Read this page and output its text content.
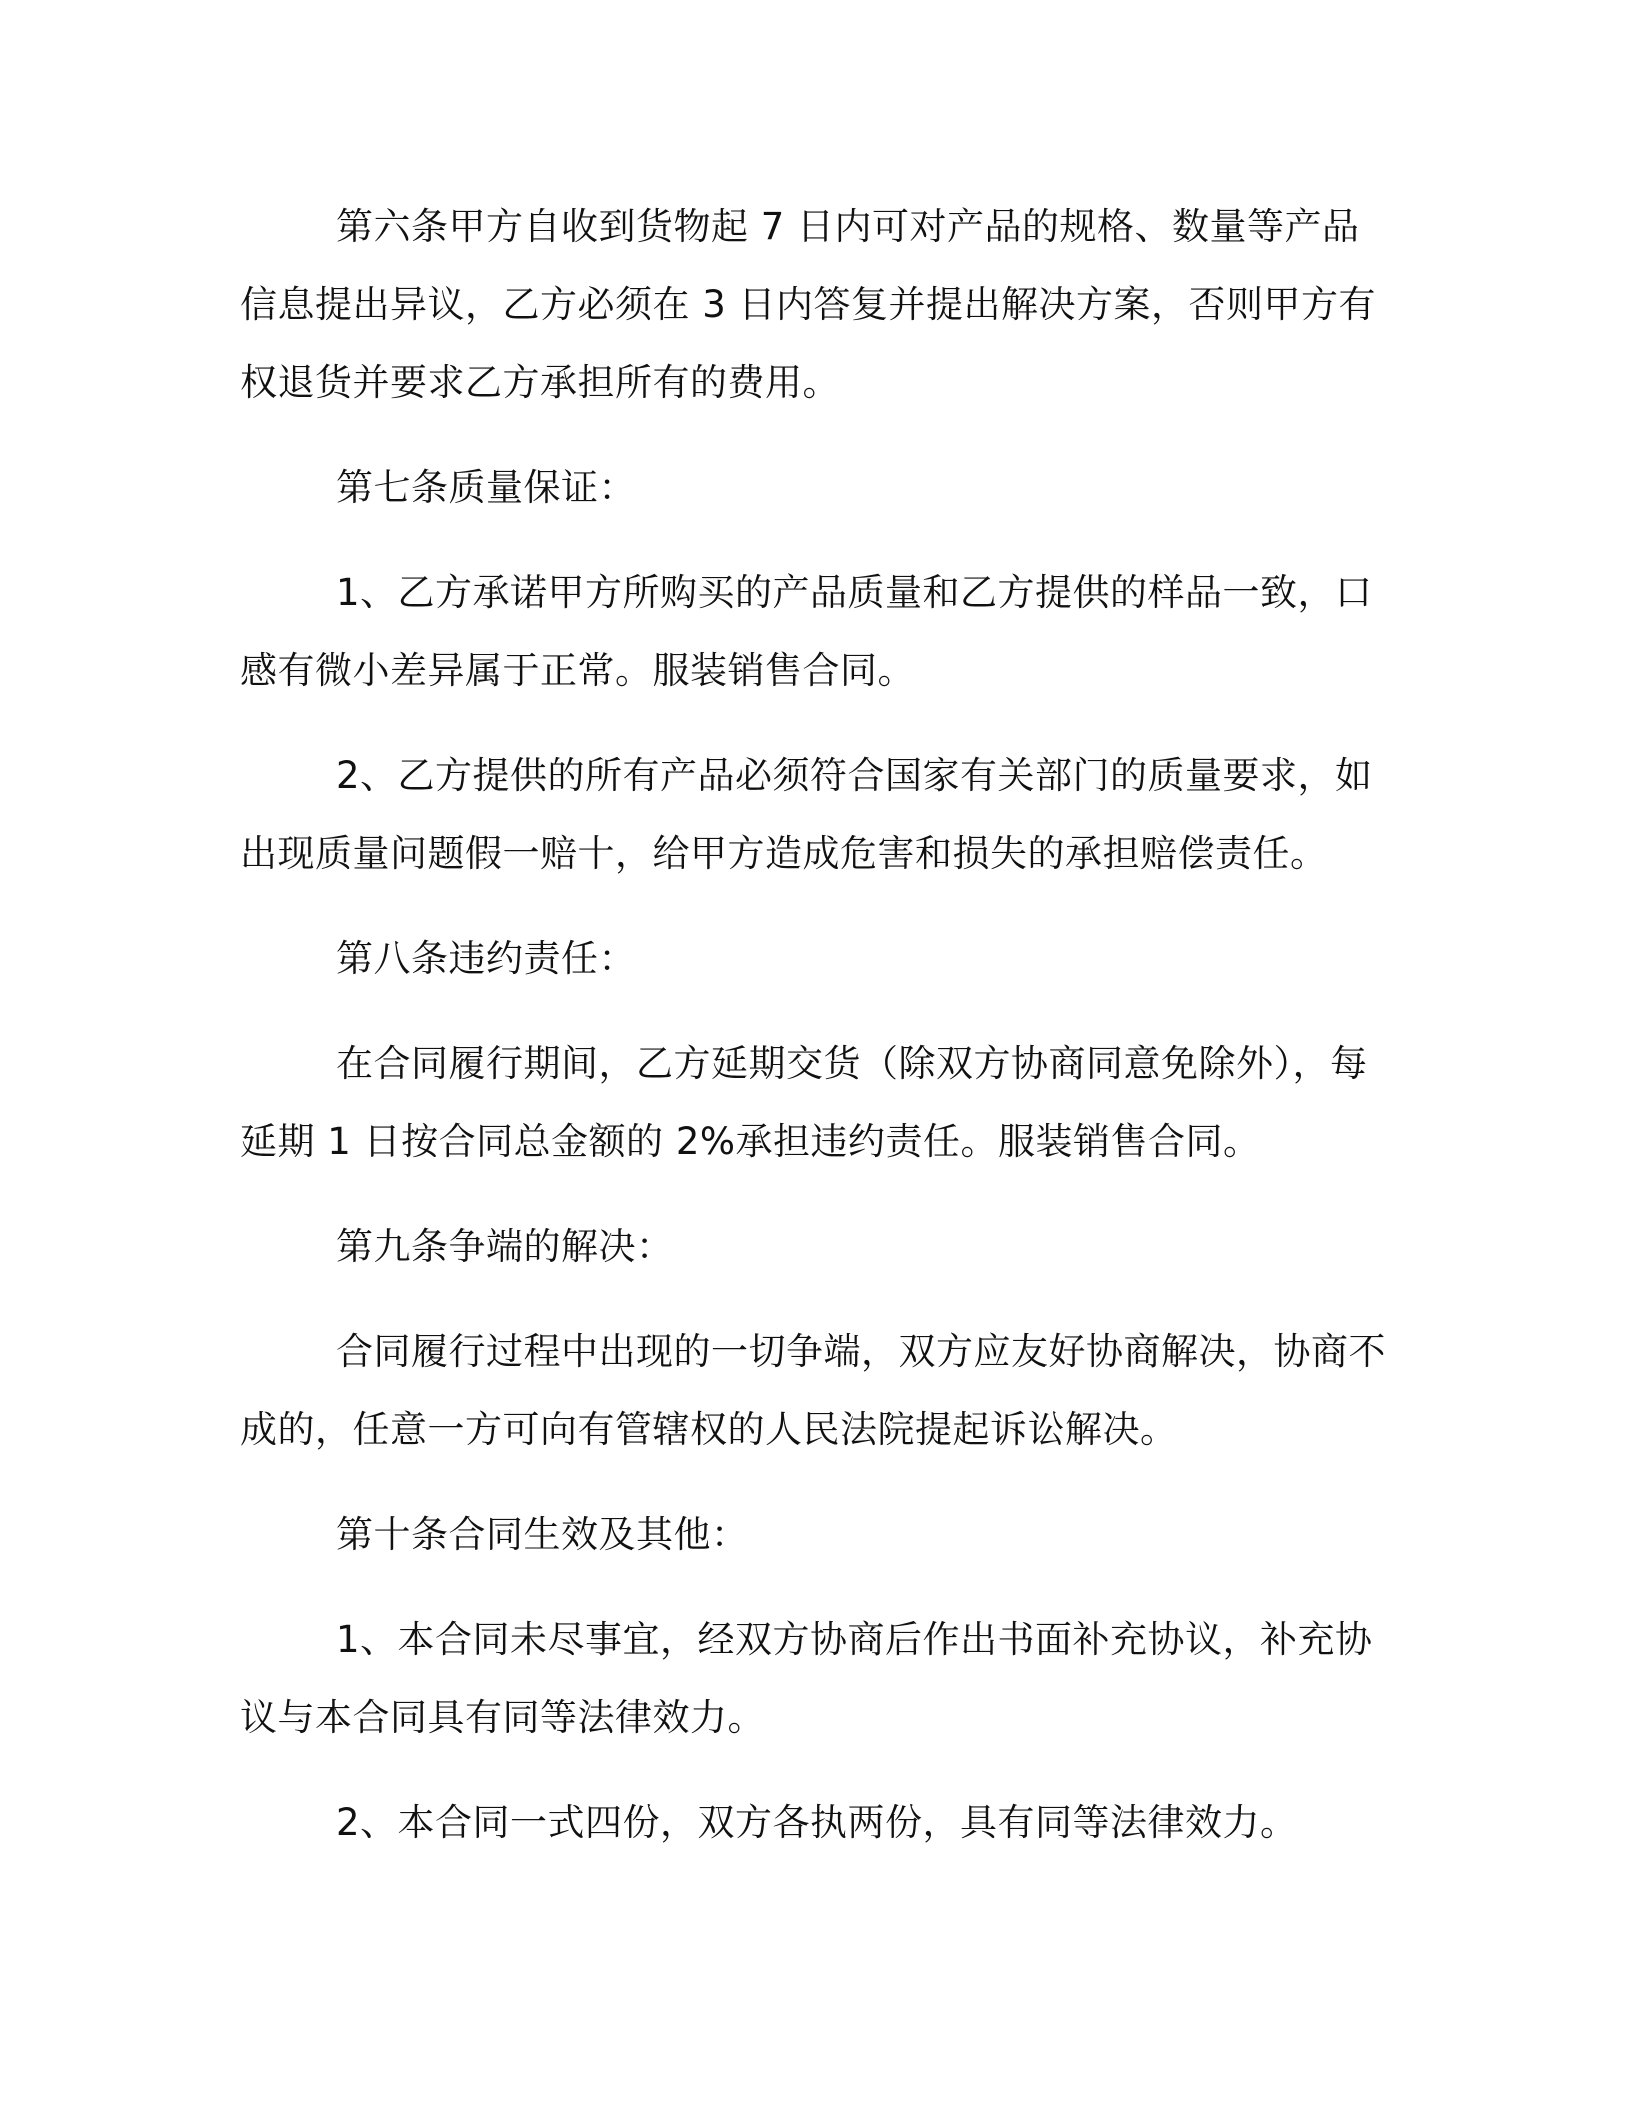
第六条甲方自收到货物起 7 日内可对产品的规格、数量等产品信息提出异议，乙方必须在 3 日内答复并提出解决方案，否则甲方有权退货并要求乙方承担所有的费用。

第七条质量保证：

1、乙方承诺甲方所购买的产品质量和乙方提供的样品一致，口感有微小差异属于正常。服装销售合同。

2、乙方提供的所有产品必须符合国家有关部门的质量要求，如出现质量问题假一赔十，给甲方造成危害和损失的承担赔偿责任。

第八条违约责任：

在合同履行期间，乙方延期交货（除双方协商同意免除外），每延期 1 日按合同总金额的 2%承担违约责任。服装销售合同。

第九条争端的解决：

合同履行过程中出现的一切争端，双方应友好协商解决，协商不成的，任意一方可向有管辖权的人民法院提起诉讼解决。

第十条合同生效及其他：

1、本合同未尽事宜，经双方协商后作出书面补充协议，补充协议与本合同具有同等法律效力。

2、本合同一式四份，双方各执两份，具有同等法律效力。
